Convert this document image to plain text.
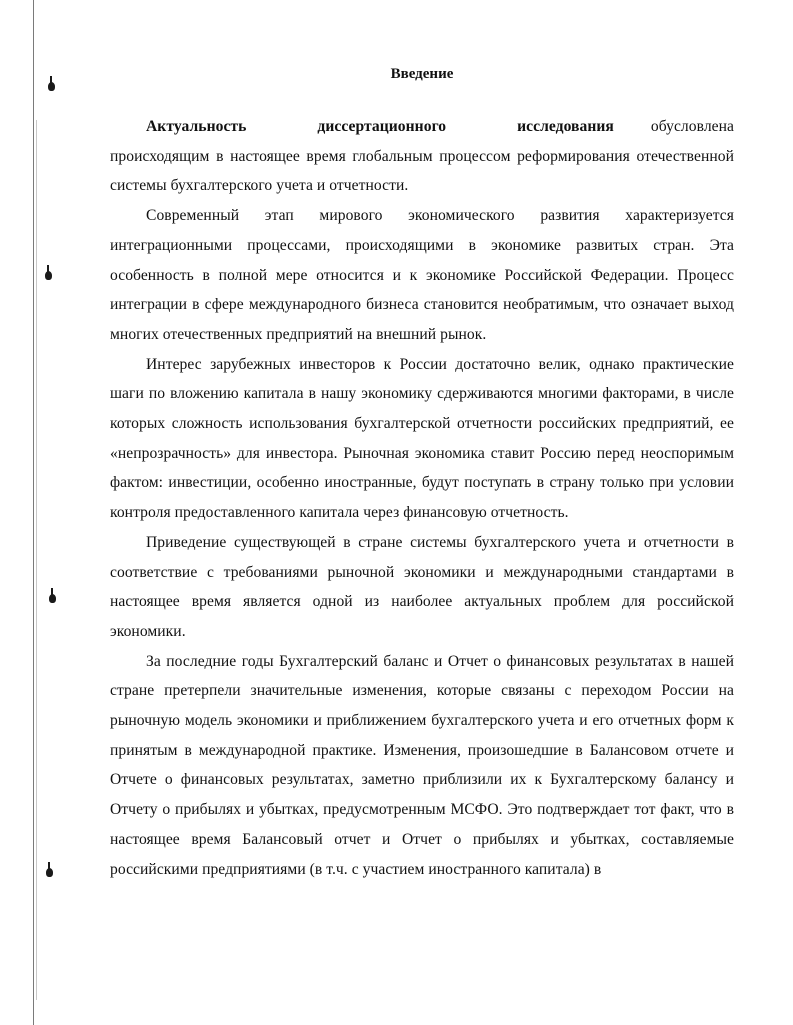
Введение

Актуальность	диссертационного	исследования обусловлена происходящим в настоящее время глобальным процессом реформирования отечественной системы бухгалтерского учета и отчетности.

Современный этап мирового экономического развития характеризуется интеграционными процессами, происходящими в экономике развитых стран. Эта особенность в полной мере относится и к экономике Российской Федерации. Процесс интеграции в сфере международного бизнеса становится необратимым, что означает выход многих отечественных предприятий на внешний рынок.

Интерес зарубежных инвесторов к России достаточно велик, однако практические шаги по вложению капитала в нашу экономику сдерживаются многими факторами, в числе которых сложность использования бухгалтерской отчетности российских предприятий, ее «непрозрачность» для инвестора. Рыночная экономика ставит Россию перед неоспоримым фактом: инвестиции, особенно иностранные, будут поступать в страну только при условии контроля предоставленного капитала через финансовую отчетность.

Приведение существующей в стране системы бухгалтерского учета и отчетности в соответствие с требованиями рыночной экономики и международными стандартами в настоящее время является одной из наиболее актуальных проблем для российской экономики.

За последние годы Бухгалтерский баланс и Отчет о финансовых результатах в нашей стране претерпели значительные изменения, которые связаны с переходом России на рыночную модель экономики и приближением бухгалтерского учета и его отчетных форм к принятым в международной практике. Изменения, произошедшие в Балансовом отчете и Отчете о финансовых результатах, заметно приблизили их к Бухгалтерскому балансу и Отчету о прибылях и убытках, предусмотренным МСФО. Это подтверждает тот факт, что в настоящее время Балансовый отчет и Отчет о прибылях и убытках, составляемые российскими предприятиями (в т.ч. с участием иностранного капитала) в
